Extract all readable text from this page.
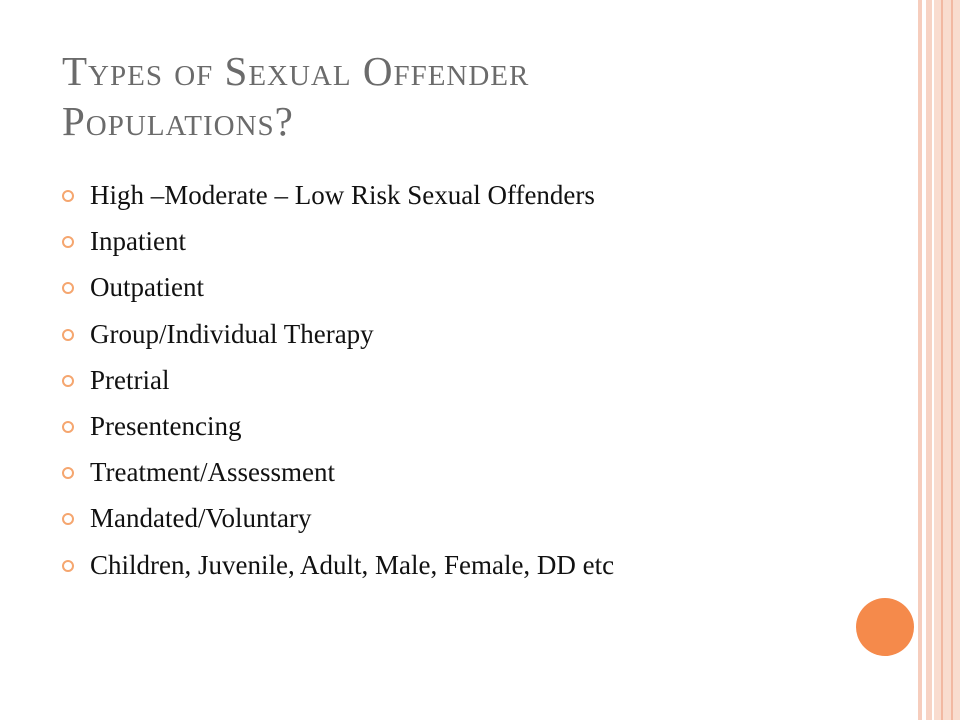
Types of Sexual Offender
Populations?
High –Moderate – Low Risk Sexual Offenders
Inpatient
Outpatient
Group/Individual Therapy
Pretrial
Presentencing
Treatment/Assessment
Mandated/Voluntary
Children, Juvenile, Adult, Male, Female, DD etc
